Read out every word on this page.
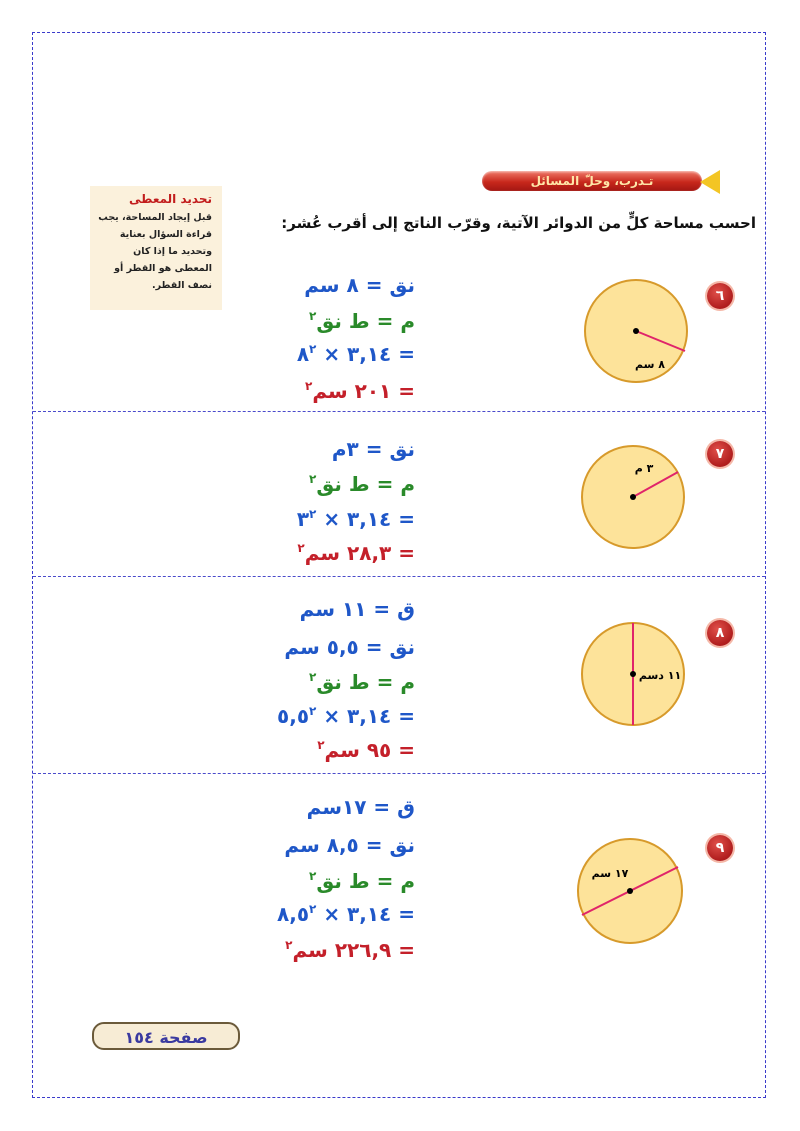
تـدرب، وحلّ المسائل
احسب مساحة كلٍّ من الدوائر الآتية، وقرّب الناتج إلى أقرب عُشر:
تحديد المعطى
قبل إيجاد المساحة، يجب قراءة السؤال بعناية وتحديد ما إذا كان المعطى هو القطر أو نصف القطر.
٦
٨ سم
نق = ٨ سم
م = ط نق$^٢$
= ٣,١٤ × $٨^٢$
= ٢٠١ سم$^٢$
٧
٣ م
نق = ٣م
م = ط نق$^٢$
= ٣,١٤ × $٣^٢$
= ٢٨,٣ سم$^٢$
٨
١١ دسم
ق = ١١ سم
نق = ٥,٥ سم
م = ط نق$^٢$
= ٣,١٤ × $٥,٥^٢$
= ٩٥ سم$^٢$
٩
١٧ سم
ق = ١٧سم
نق = ٨,٥ سم
م = ط نق$^٢$
= ٣,١٤ × $٨,٥^٢$
= ٢٢٦,٩ سم$^٢$
صفحة ١٥٤
